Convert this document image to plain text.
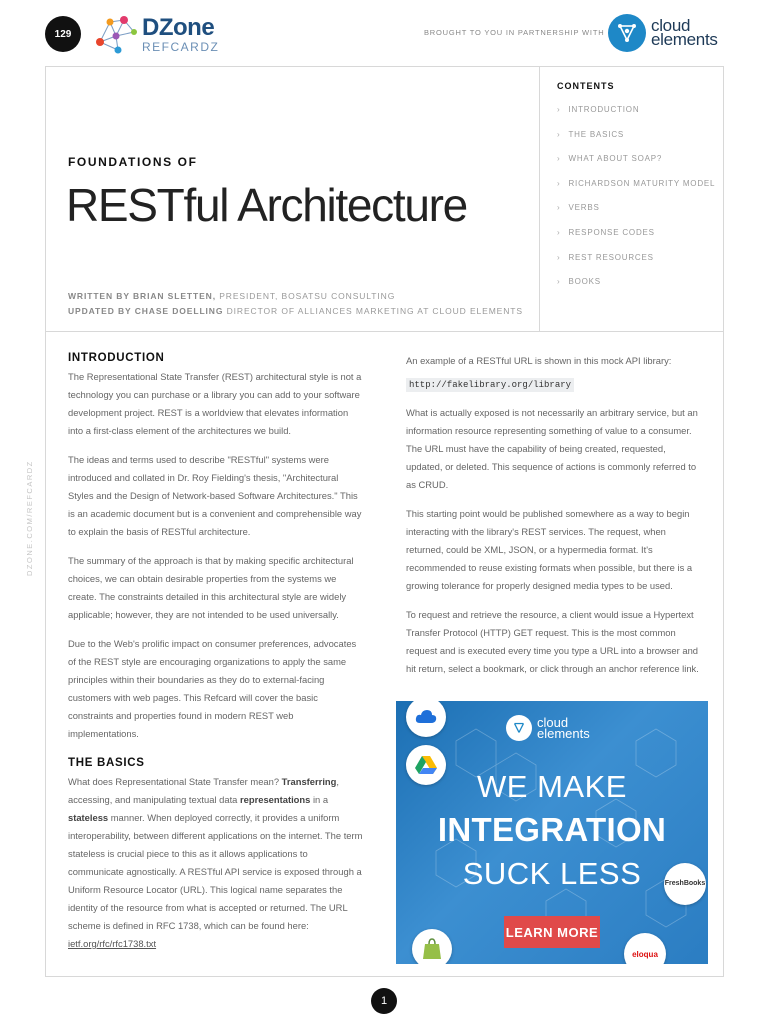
129	DZone
REFCARDZ
BROUGHT TO YOU IN PARTNERSHIP WITH	cloud
elements
FOUNDATIONS OF
RESTful Architecture
WRITTEN BY BRIAN SLETTEN, PRESIDENT, BOSATSU CONSULTING
UPDATED BY CHASE DOELLING DIRECTOR OF ALLIANCES MARKETING AT CLOUD ELEMENTS
CONTENTS
› INTRODUCTION
› THE BASICS
› WHAT ABOUT SOAP?
› RICHARDSON MATURITY MODEL
› VERBS
› RESPONSE CODES
› REST RESOURCES
› BOOKS
DZONE.COM/REFCARDZ
INTRODUCTION

The Representational State Transfer (REST) architectural style is not a technology you can purchase or a library you can add to your software development project. REST is a worldview that elevates information into a first-class element of the architectures we build.

The ideas and terms used to describe "RESTful" systems were introduced and collated in Dr. Roy Fielding's thesis, "Architectural Styles and the Design of Network-based Software Architectures." This is an academic document but is a convenient and comprehensible way to explain the basis of RESTful architecture.

The summary of the approach is that by making specific architectural choices, we can obtain desirable properties from the systems we create. The constraints detailed in this architectural style are widely applicable; however, they are not intended to be used universally.

Due to the Web's prolific impact on consumer preferences, advocates of the REST style are encouraging organizations to apply the same principles within their boundaries as they do to external-facing customers with web pages. This Refcard will cover the basic constraints and properties found in modern REST web implementations.

THE BASICS

What does Representational State Transfer mean? Transferring, accessing, and manipulating textual data representations in a stateless manner. When deployed correctly, it provides a uniform interoperability, between different applications on the internet. The term stateless is crucial piece to this as it allows applications to communicate agnostically. A RESTful API service is exposed through a Uniform Resource Locator (URL). This logical name separates the identity of the resource from what is accepted or returned. The URL scheme is defined in RFC 1738, which can be found here: ietf.org/rfc/rfc1738.txt

An example of a RESTful URL is shown in this mock API library:

http://fakelibrary.org/library

What is actually exposed is not necessarily an arbitrary service, but an information resource representing something of value to a consumer. The URL must have the capability of being created, requested, updated, or deleted. This sequence of actions is commonly referred to as CRUD.

This starting point would be published somewhere as a way to begin interacting with the library's REST services. The request, when returned, could be XML, JSON, or a hypermedia format. It's recommended to reuse existing formats when possible, but there is a growing tolerance for properly designed media types to be used.

To request and retrieve the resource, a client would issue a Hypertext Transfer Protocol (HTTP) GET request. This is the most common request and is executed every time you type a URL into a browser and hit return, select a bookmark, or click through an anchor reference link.

FreshBooks
eloqua
cloud
elements
WE MAKE
INTEGRATION
SUCK LESS
LEARN MORE
1
